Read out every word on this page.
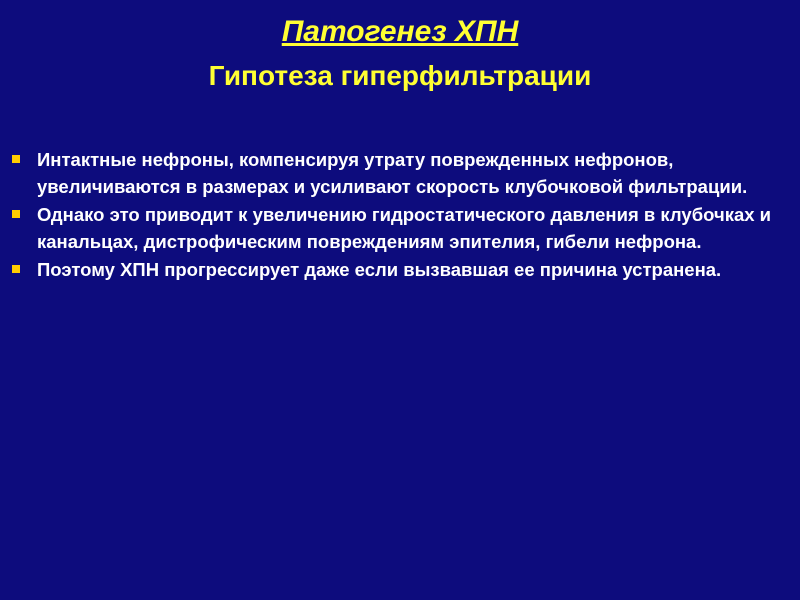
Патогенез ХПН
Гипотеза гиперфильтрации
Интактные нефроны, компенсируя утрату поврежденных нефронов, увеличиваются в размерах и усиливают скорость клубочковой фильтрации.
Однако это приводит к увеличению гидростатического давления в клубочках и канальцах, дистрофическим повреждениям эпителия, гибели нефрона.
Поэтому ХПН прогрессирует даже если вызвавшая ее причина устранена.
